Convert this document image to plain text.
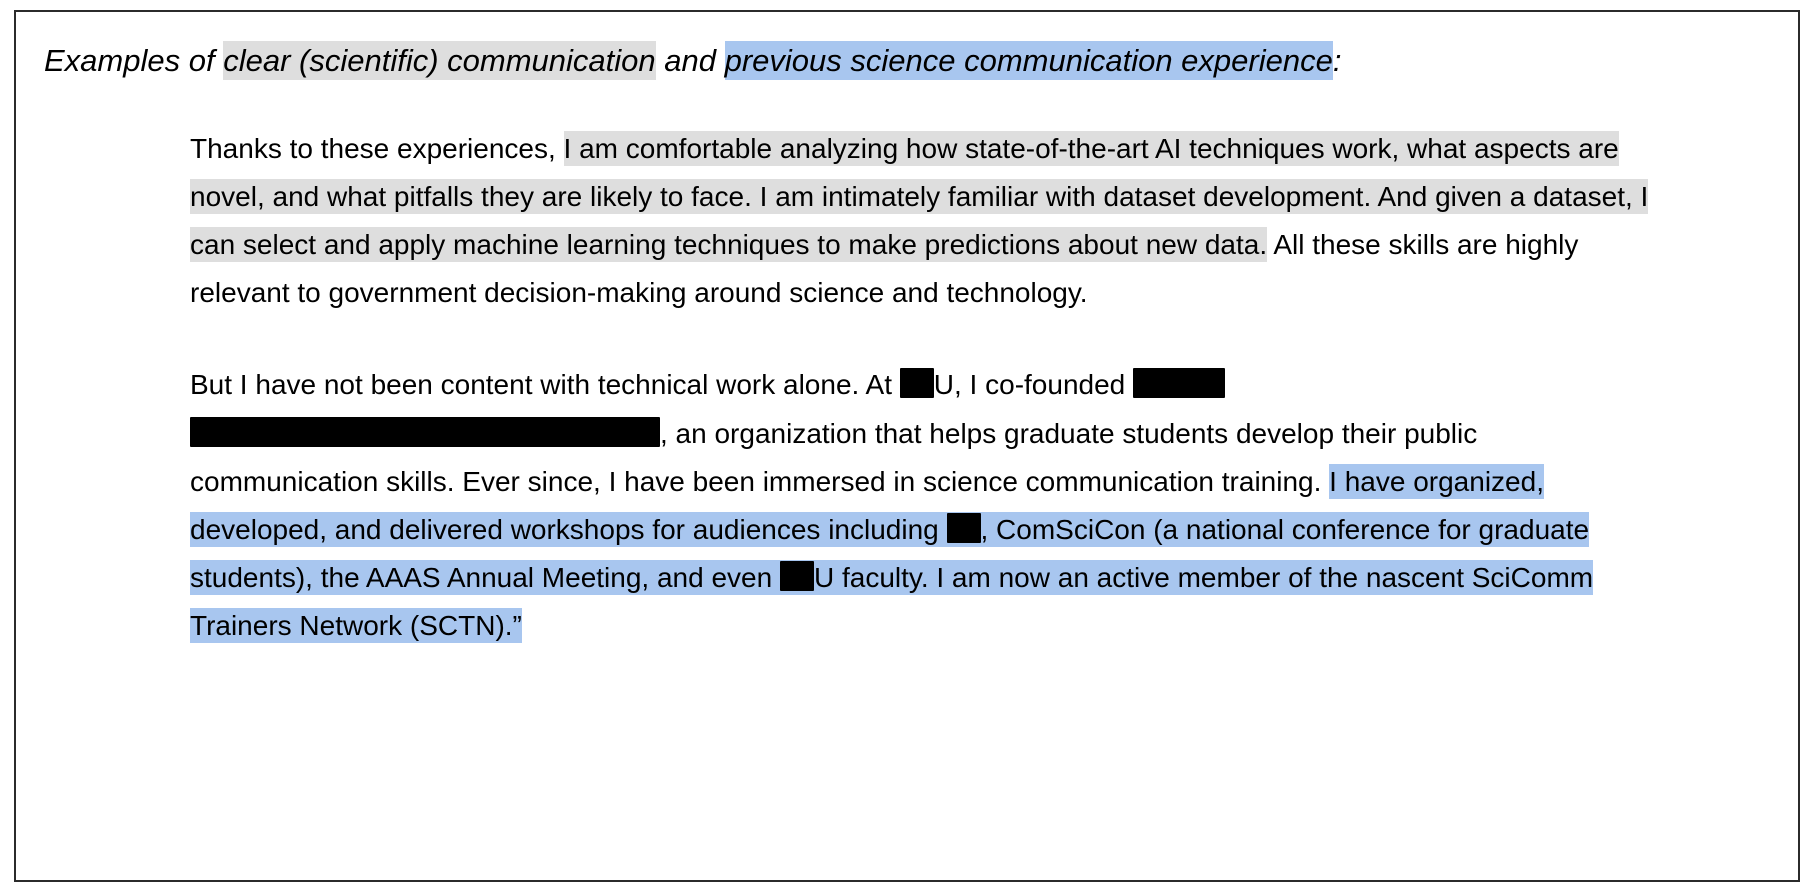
Examples of clear (scientific) communication and previous science communication experience:

Thanks to these experiences, I am comfortable analyzing how state-of-the-art AI techniques work, what aspects are novel, and what pitfalls they are likely to face. I am intimately familiar with dataset development. And given a dataset, I can select and apply machine learning techniques to make predictions about new data. All these skills are highly relevant to government decision-making around science and technology.

But I have not been content with technical work alone. At U, I co-founded , an organization that helps graduate students develop their public communication skills. Ever since, I have been immersed in science communication training. I have organized, developed, and delivered workshops for audiences including , ComSciCon (a national conference for graduate students), the AAAS Annual Meeting, and even U faculty. I am now an active member of the nascent SciComm Trainers Network (SCTN).”
